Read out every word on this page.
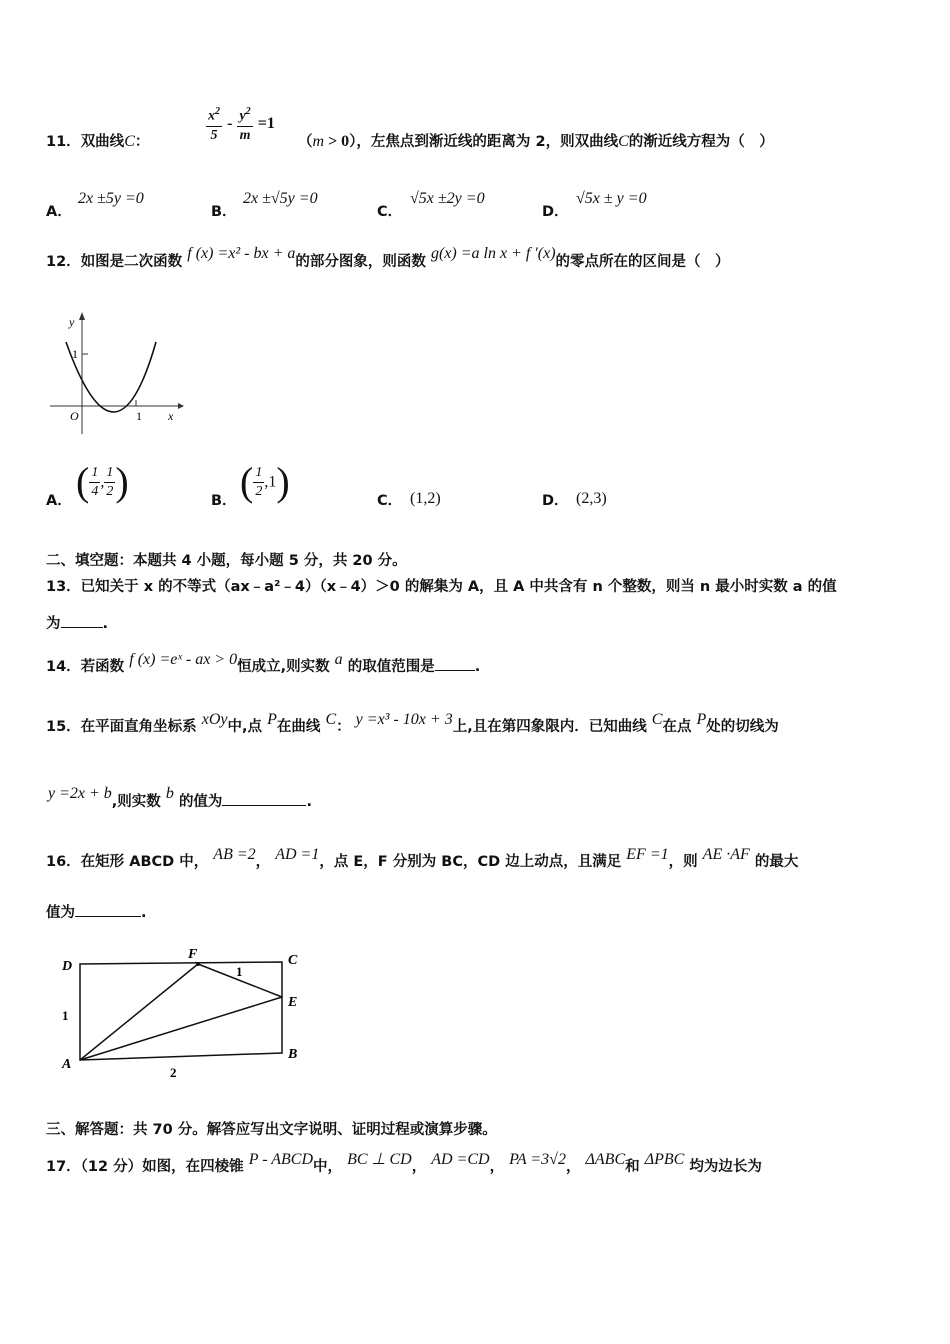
11．双曲线C：	$\frac{x^2}{5} - \frac{y^2}{m} =1$
（m > 0），左焦点到渐近线的距离为 2，则双曲线C的渐近线方程为（　）
A．
2x ±5y =0
B．
2x ±√5y =0
C．
√5x ±2y =0
D．
√5x ± y =0
12．如图是二次函数 f (x) =x² - bx + a的部分图象，则函数 g(x) =a ln x + f ′(x)的零点所在的区间是（　）
y
1
O	1 x
A． ( $\frac{1}{4}$ , $\frac{1}{2}$ )	B． ( $\frac{1}{2} ,1$)	C． (1,2)	D． (2,3)
二、填空题：本题共 4 小题，每小题 5 分，共 20 分。
13．已知关于 x 的不等式（ax﹣a²﹣4）（x﹣4）＞0 的解集为 A，且 A 中共含有 n 个整数，则当 n 最小时实数 a 的值
为	.
14．若函数 f (x) =eˣ - ax > 0恒成立,则实数 a 的取值范围是	.
15．在平面直角坐标系 xOy中,点 P在曲线 C： y =x³ - 10x + 3上,且在第四象限内．已知曲线 C在点 P处的切线为
y =2x + b,则实数 b 的值为	.
16．在矩形 ABCD 中， AB =2， AD =1，点 E，F 分别为 BC，CD 边上动点，且满足 EF =1，则 AE ·AF 的最大
值为	.
D
F	C
E
A
B
1
1
2
三、解答题：共 70 分。解答应写出文字说明、证明过程或演算步骤。
17．（12 分）如图，在四棱锥 P - ABCD中， BC ⊥ CD， AD =CD， PA =3√2， ΔABC和 ΔPBC 均为边长为
